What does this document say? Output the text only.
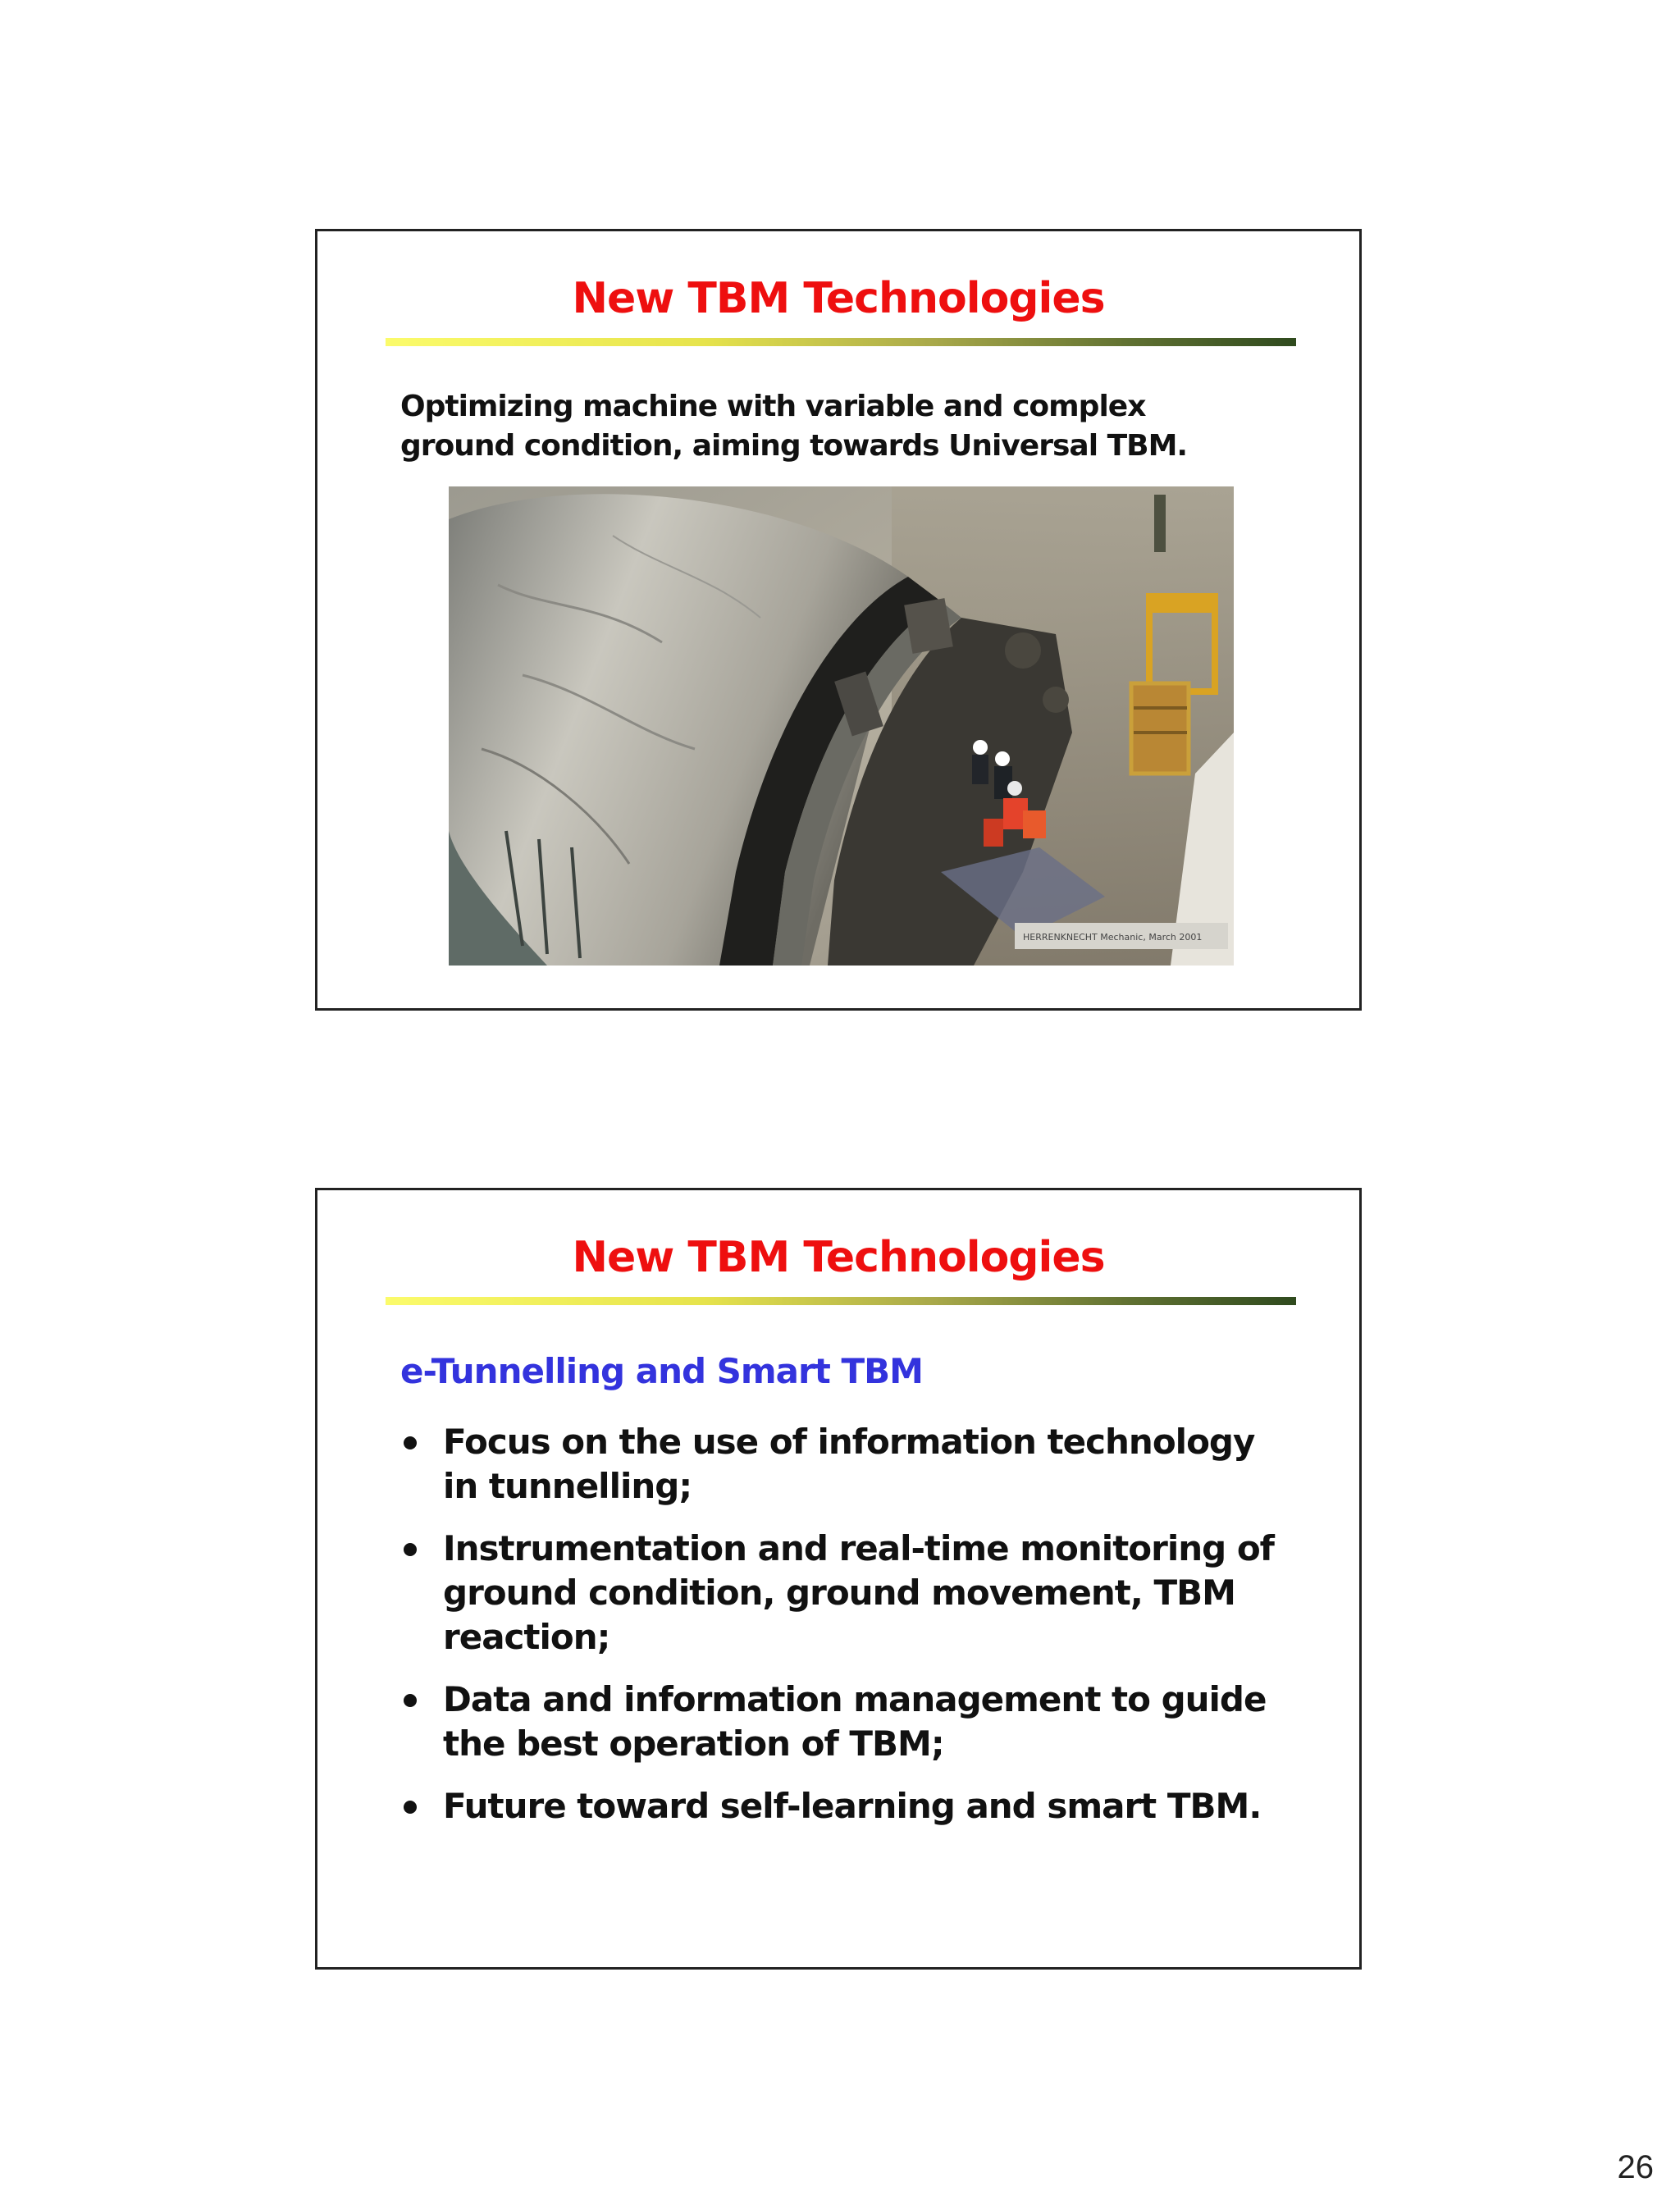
New TBM Technologies

Optimizing machine with variable and complex ground condition, aiming towards Universal TBM.

HERRENKNECHT Mechanic, March 2001
New TBM Technologies
e-Tunnelling and Smart TBM
Focus on the use of information technology in tunnelling;
Instrumentation and real-time monitoring of ground condition, ground movement, TBM reaction;
Data and information management to guide the best operation of TBM;
Future toward self-learning and smart TBM.
26
